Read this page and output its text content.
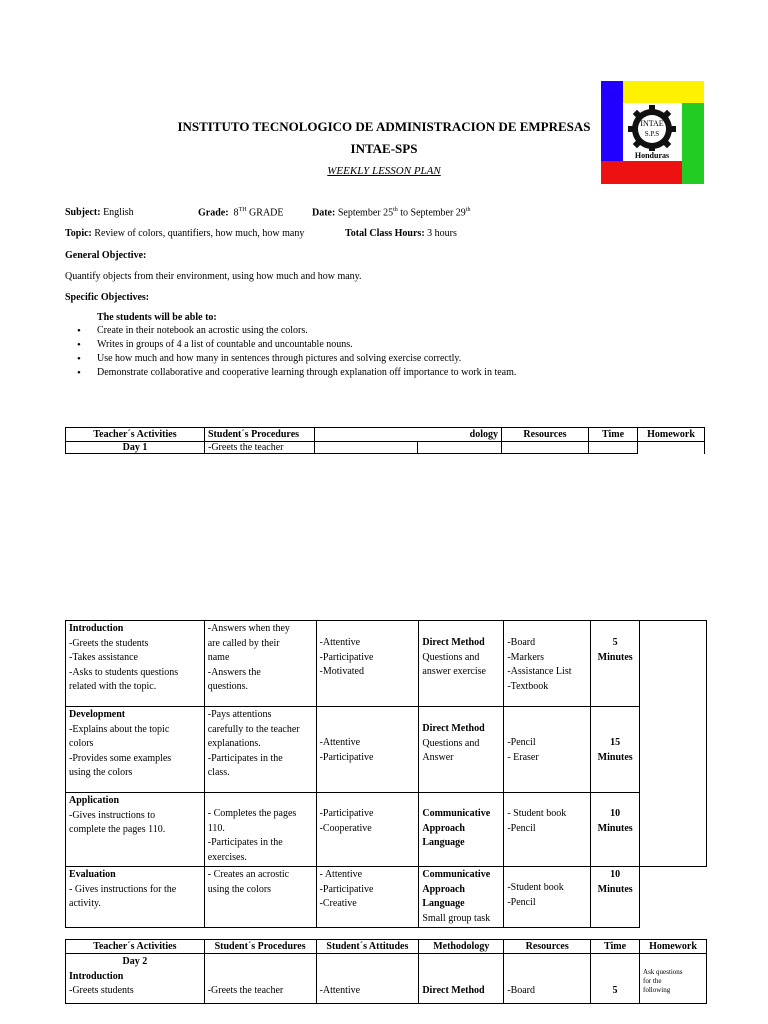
INTAE
S.P.S
Honduras
INSTITUTO TECNOLOGICO DE ADMINISTRACION DE EMPRESAS
INTAE-SPS
WEEKLY LESSON PLAN
Subject: English	Grade: 8TH GRADE	Date: September 25th to September 29th
Topic: Review of colors, quantifiers, how much, how many	Total Class Hours: 3 hours
General Objective:
Quantify objects from their environment, using how much and how many.
Specific Objectives:
The students will be able to:
• Create in their notebook an acrostic using the colors.
• Writes in groups of 4 a list of countable and uncountable nouns.
• Use how much and how many in sentences through pictures and solving exercise correctly.
• Demonstrate collaborative and cooperative learning through explanation off importance to work in team.
Teacher´s Activities	Student´s Procedures		dology	Resources	Time	Homework
Day 1	-Greets the teacher					
Introduction
-Greets the students
-Takes assistance
-Asks to students questions
related with the topic.	-Answers when they
are called by their
name
-Answers the
questions.	-Attentive
-Participative
-Motivated	Direct Method
Questions and
answer exercise	-Board
-Markers
-Assistance List
-Textbook	5
Minutes	

Development
-Explains about the topic
colors
-Provides some examples
using the colors	-Pays attentions
carefully to the teacher
explanations.
-Participates in the
class.	-Attentive
-Participative	Direct Method
Questions and
Answer	-Pencil
- Eraser	15
Minutes	

Application
-Gives instructions to
complete the pages 110.	- Completes the pages
110.
-Participates in the
exercises.	-Participative
-Cooperative	Communicative
Approach
Language	- Student book
-Pencil	10
Minutes	

Evaluation
- Gives instructions for the
activity.	- Creates an acrostic
using the colors	- Attentive
-Participative
-Creative	Communicative
Approach
Language
Small group task	-Student book
-Pencil	10
Minutes	

Teacher´s Activities	Student´s Procedures	Student´s Attitudes	Methodology	Resources	Time	Homework

Day 2
Introduction
-Greets students	-Greets the teacher	-Attentive	Direct Method	-Board	5	Ask questions
for the
following
